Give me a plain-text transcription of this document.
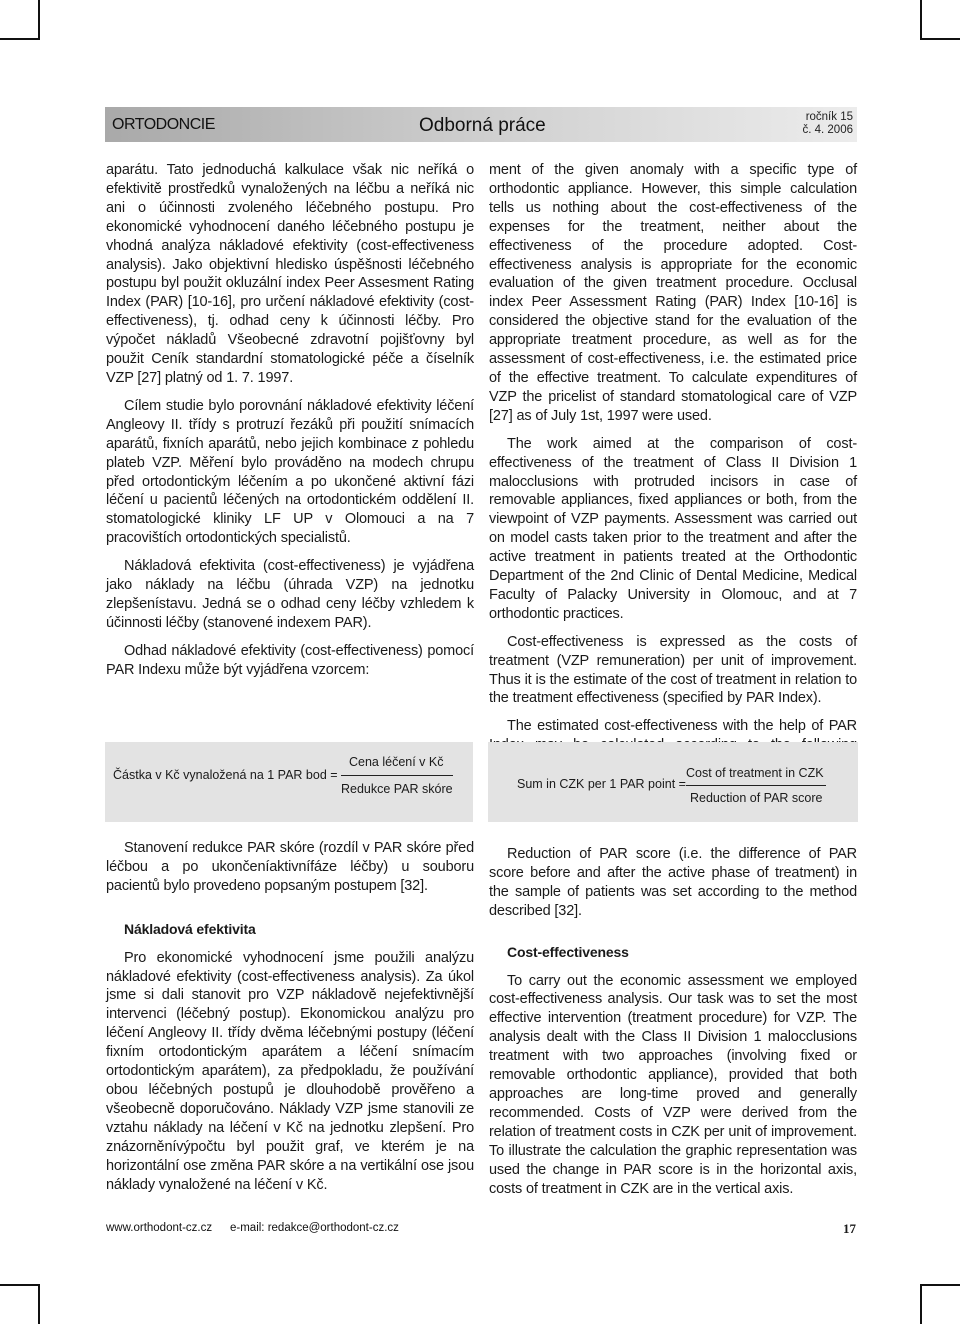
ORTODONCIE	Odborná práce	ročník 15
č. 4. 2006

aparátu. Tato jednoduchá kalkulace však nic neříká o efektivitě prostředků vynaložených na léčbu a neříká nic ani o účinnosti zvoleného léčebného postupu. Pro ekonomické vyhodnocení daného léčebného postupu je vhodná analýza nákladové efektivity (cost-effectiveness analysis). Jako objektivní hledisko úspěšnosti léčebného postupu byl použit okluzální index Peer Assesment Rating Index (PAR) [10-16], pro určení nákladové efektivity (cost-effectiveness), tj. odhad ceny k účinnosti léčby. Pro výpočet nákladů Všeobecné zdravotní pojišťovny byl použit Ceník standardní stomatologické péče a číselník VZP [27] platný od 1. 7. 1997.

Cílem studie bylo porovnání nákladové efektivity léčení Angleovy II. třídy s protruzí řezáků při použití snímacích aparátů, fixních aparátů, nebo jejich kombinace z pohledu plateb VZP. Měření bylo prováděno na modech chrupu před ortodontickým léčením a po ukončené aktivní fázi léčení u pacientů léčených na ortodontickém oddělení II. stomatologické kliniky LF UP v Olomouci a na 7 pracovištích ortodontických specialistů.

Nákladová efektivita (cost-effectiveness) je vyjádřena jako náklady na léčbu (úhrada VZP) na jednotku zlepšenístavu. Jedná se o odhad ceny léčby vzhledem k účinnosti léčby (stanovené indexem PAR).

Odhad nákladové efektivity (cost-effectiveness) pomocí PAR Indexu může být vyjádřena vzorcem:

ment of the given anomaly with a specific type of orthodontic appliance. However, this simple calculation tells us nothing about the cost-effectiveness of the expenses for the treatment, neither about the effectiveness of the procedure adopted. Cost-effectiveness analysis is appropriate for the economic evaluation of the given treatment procedure. Occlusal index Peer Assessment Rating (PAR) Index [10-16] is considered the objective stand for the evaluation of the appropriate treatment procedure, as well as for the assessment of cost-effectiveness, i.e. the estimated price of the effective treatment. To calculate expenditures of VZP the pricelist of standard stomatological care of VZP [27] as of July 1st, 1997 were used.

The work aimed at the comparison of cost-effectiveness of the treatment of Class II Division 1 malocclusions with protruded incisors in case of removable appliances, fixed appliances or both, from the viewpoint of VZP payments. Assessment was carried out on model casts taken prior to the treatment and after the active treatment in patients treated at the Orthodontic Department of the 2nd Clinic of Dental Medicine, Medical Faculty of Palacky University in Olomouc, and at 7 orthodontic practices.

Cost-effectiveness is expressed as the costs of treatment (VZP remuneration) per unit of improvement. Thus it is the estimate of the cost of treatment in relation to the treatment effectiveness (specified by PAR Index).

The estimated cost-effectiveness with the help of PAR

Částka v Kč vynaložená na 1 PAR bod =
Cena léčení v Kč
Redukce PAR skóre	Sum in CZK per 1 PAR point =
Cost of treatment in CZK
Reduction of PAR score

Stanovení redukce PAR skóre (rozdíl v PAR skóre před léčbou a po ukončeníaktivnífáze léčby) u souboru pacientů bylo provedeno popsaným postupem [32].

Nákladová efektivita

Pro ekonomické vyhodnocení jsme použili analýzu nákladové efektivity (cost-effectiveness analysis). Za úkol jsme si dali stanovit pro VZP nákladově nejefektivnější intervenci (léčebný postup). Ekonomickou analýzu pro léčení Angleovy II. třídy dvěma léčebnými postupy (léčení fixním ortodontickým aparátem a léčení snímacím ortodontickým aparátem), za předpokladu, že používání obou léčebných postupů je dlouhodobě prověřeno a všeobecně doporučováno. Náklady VZP jsme stanovili ze vztahu náklady na léčení v Kč na jednotku zlepšení. Pro znázorněnívýpočtu byl použit graf, ve kterém je na horizontální ose změna PAR skóre a na vertikální ose jsou náklady vynaložené na léčení v Kč.

Reduction of PAR score (i.e. the difference of PAR score before and after the active phase of treatment) in the sample of patients was set according to the method described [32].

Cost-effectiveness

To carry out the economic assessment we employed cost-effectiveness analysis. Our task was to set the most effective intervention (treatment procedure) for VZP. The analysis dealt with the Class II Division 1 malocclusions treatment with two approaches (involving fixed or removable orthodontic appliance), provided that both approaches are long-time proved and generally recommended. Costs of VZP were derived from the relation of treatment costs in CZK per unit of improvement. To illustrate the calculation the graphic representation was used the change in PAR score is in the horizontal axis, costs of treatment in CZK are in the vertical axis.

www.orthodont-cz.cz e-mail: redakce@orthodont-cz.cz	17
